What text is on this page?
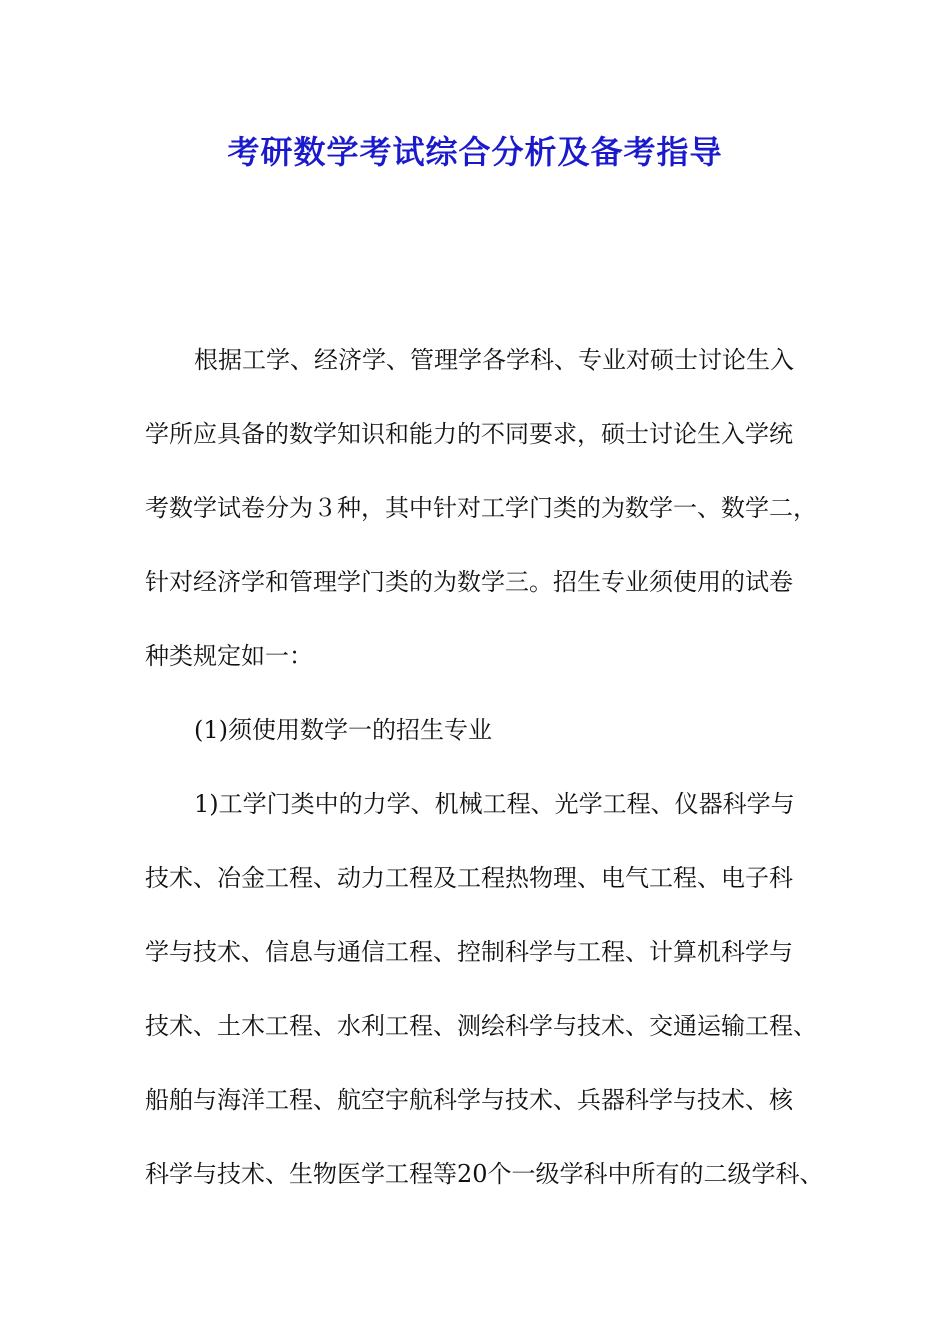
考研数学考试综合分析及备考指导

根据工学、经济学、管理学各学科、专业对硕士讨论生入

学所应具备的数学知识和能力的不同要求，硕士讨论生入学统

考数学试卷分为３种，其中针对工学门类的为数学一、数学二，

针对经济学和管理学门类的为数学三。招生专业须使用的试卷

种类规定如一：

(1)须使用数学一的招生专业

1)工学门类中的力学、机械工程、光学工程、仪器科学与

技术、冶金工程、动力工程及工程热物理、电气工程、电子科

学与技术、信息与通信工程、控制科学与工程、计算机科学与

技术、土木工程、水利工程、测绘科学与技术、交通运输工程、

船舶与海洋工程、航空宇航科学与技术、兵器科学与技术、核

科学与技术、生物医学工程等20个一级学科中所有的二级学科、
